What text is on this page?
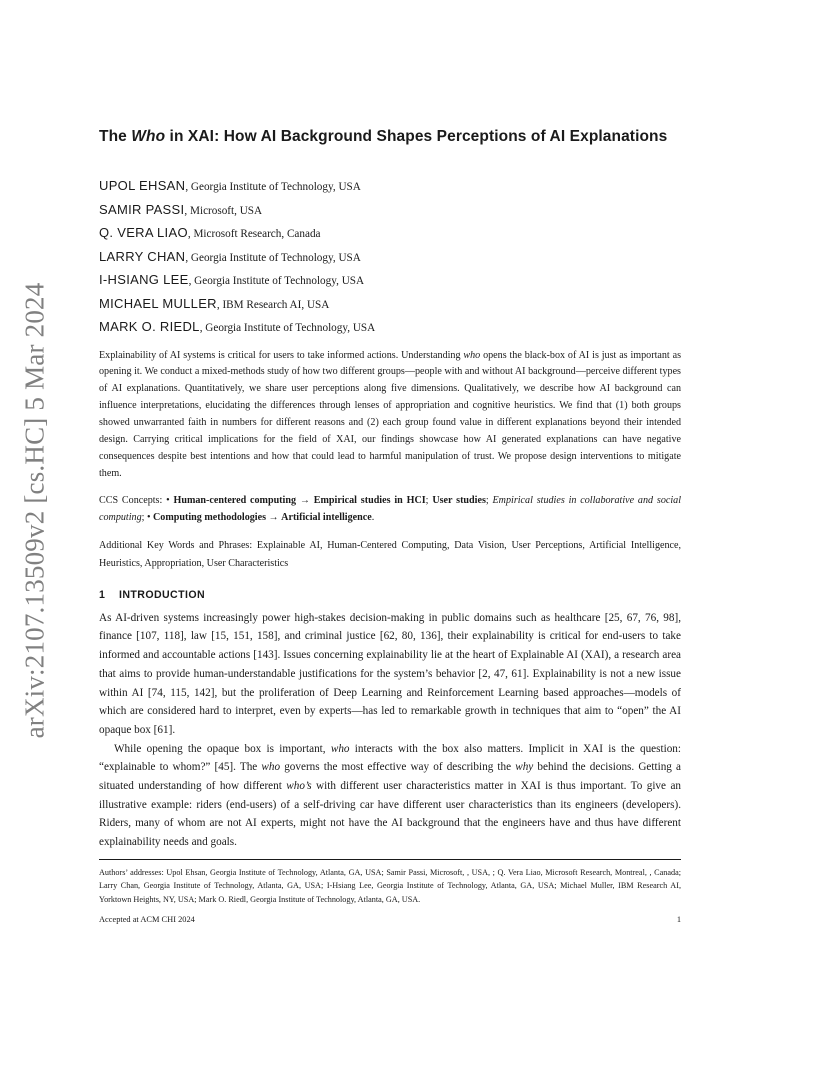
arXiv:2107.13509v2 [cs.HC] 5 Mar 2024
The Who in XAI: How AI Background Shapes Perceptions of AI Explanations
UPOL EHSAN, Georgia Institute of Technology, USA
SAMIR PASSI, Microsoft, USA
Q. VERA LIAO, Microsoft Research, Canada
LARRY CHAN, Georgia Institute of Technology, USA
I-HSIANG LEE, Georgia Institute of Technology, USA
MICHAEL MULLER, IBM Research AI, USA
MARK O. RIEDL, Georgia Institute of Technology, USA

Explainability of AI systems is critical for users to take informed actions. Understanding who opens the black-box of AI is just as important as opening it. We conduct a mixed-methods study of how two different groups—people with and without AI background—perceive different types of AI explanations. Quantitatively, we share user perceptions along five dimensions. Qualitatively, we describe how AI background can influence interpretations, elucidating the differences through lenses of appropriation and cognitive heuristics. We find that (1) both groups showed unwarranted faith in numbers for different reasons and (2) each group found value in different explanations beyond their intended design. Carrying critical implications for the field of XAI, our findings showcase how AI generated explanations can have negative consequences despite best intentions and how that could lead to harmful manipulation of trust. We propose design interventions to mitigate them.

CCS Concepts: • Human-centered computing → Empirical studies in HCI; User studies; Empirical studies in collaborative and social computing; • Computing methodologies → Artificial intelligence.

Additional Key Words and Phrases: Explainable AI, Human-Centered Computing, Data Vision, User Perceptions, Artificial Intelligence, Heuristics, Appropriation, User Characteristics

1 INTRODUCTION

As AI-driven systems increasingly power high-stakes decision-making in public domains such as healthcare [25, 67, 76, 98], finance [107, 118], law [15, 151, 158], and criminal justice [62, 80, 136], their explainability is critical for end-users to take informed and accountable actions [143]. Issues concerning explainability lie at the heart of Explainable AI (XAI), a research area that aims to provide human-understandable justifications for the system’s behavior [2, 47, 61]. Explainability is not a new issue within AI [74, 115, 142], but the proliferation of Deep Learning and Reinforcement Learning based approaches—models of which are considered hard to interpret, even by experts—has led to remarkable growth in techniques that aim to “open” the AI opaque box [61].

While opening the opaque box is important, who interacts with the box also matters. Implicit in XAI is the question: “explainable to whom?” [45]. The who governs the most effective way of describing the why behind the decisions. Getting a situated understanding of how different who’s with different user characteristics matter in XAI is thus important. To give an illustrative example: riders (end-users) of a self-driving car have different user characteristics than its engineers (developers). Riders, many of whom are not AI experts, might not have the AI background that the engineers have and thus have different explainability needs and goals.

Authors’ addresses: Upol Ehsan, Georgia Institute of Technology, Atlanta, GA, USA; Samir Passi, Microsoft, , USA, ; Q. Vera Liao, Microsoft Research, Montreal, , Canada; Larry Chan, Georgia Institute of Technology, Atlanta, GA, USA; I-Hsiang Lee, Georgia Institute of Technology, Atlanta, GA, USA; Michael Muller, IBM Research AI, Yorktown Heights, NY, USA; Mark O. Riedl, Georgia Institute of Technology, Atlanta, GA, USA.

Accepted at ACM CHI 2024	1
